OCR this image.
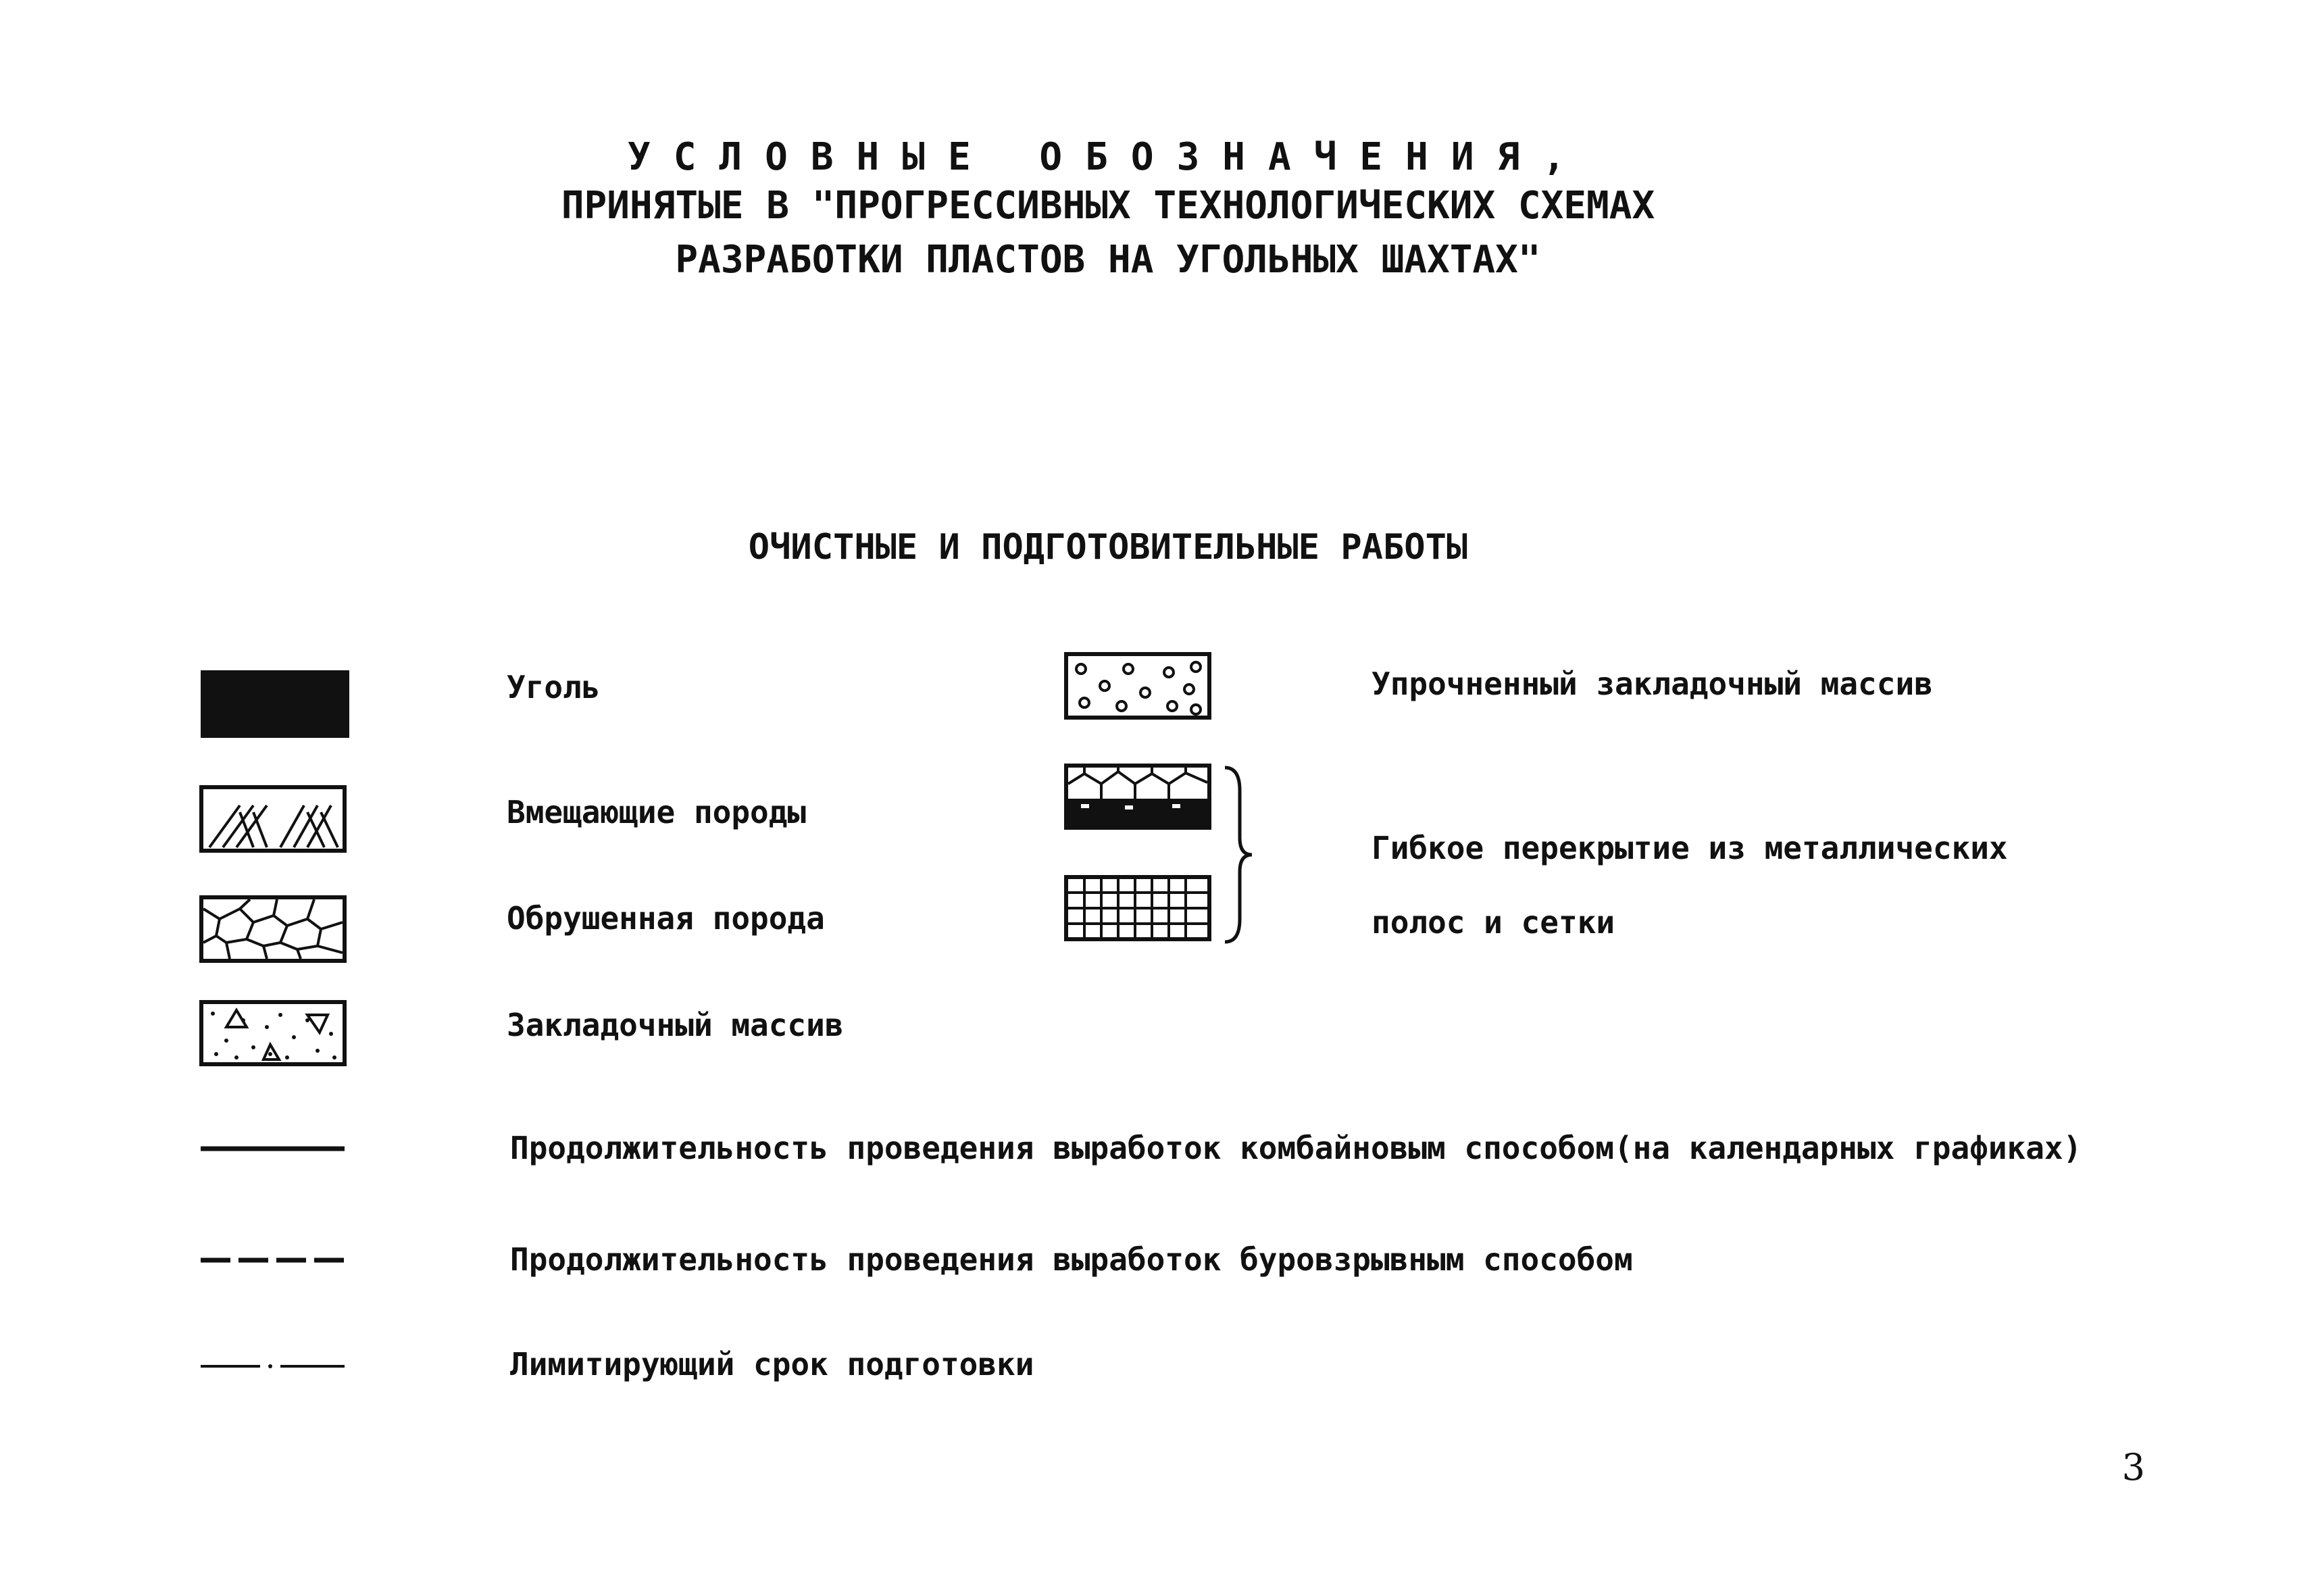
УСЛОВНЫЕ ОБОЗНАЧЕНИЯ,
ПРИНЯТЫЕ В "ПРОГРЕССИВНЫХ ТЕХНОЛОГИЧЕСКИХ СХЕМАХ
РАЗРАБОТКИ ПЛАСТОВ НА УГОЛЬНЫХ ШАХТАХ"
ОЧИСТНЫЕ И ПОДГОТОВИТЕЛЬНЫЕ РАБОТЫ
Уголь
Вмещающие породы
Обрушенная порода
Закладочный массив
Упрочненный закладочный массив
Гибкое перекрытие из металлических
полос и сетки
Продолжительность проведения выработок комбайновым способом(на календарных графиках)
Продолжительность проведения выработок буровзрывным способом
Лимитирующий срок подготовки
3
